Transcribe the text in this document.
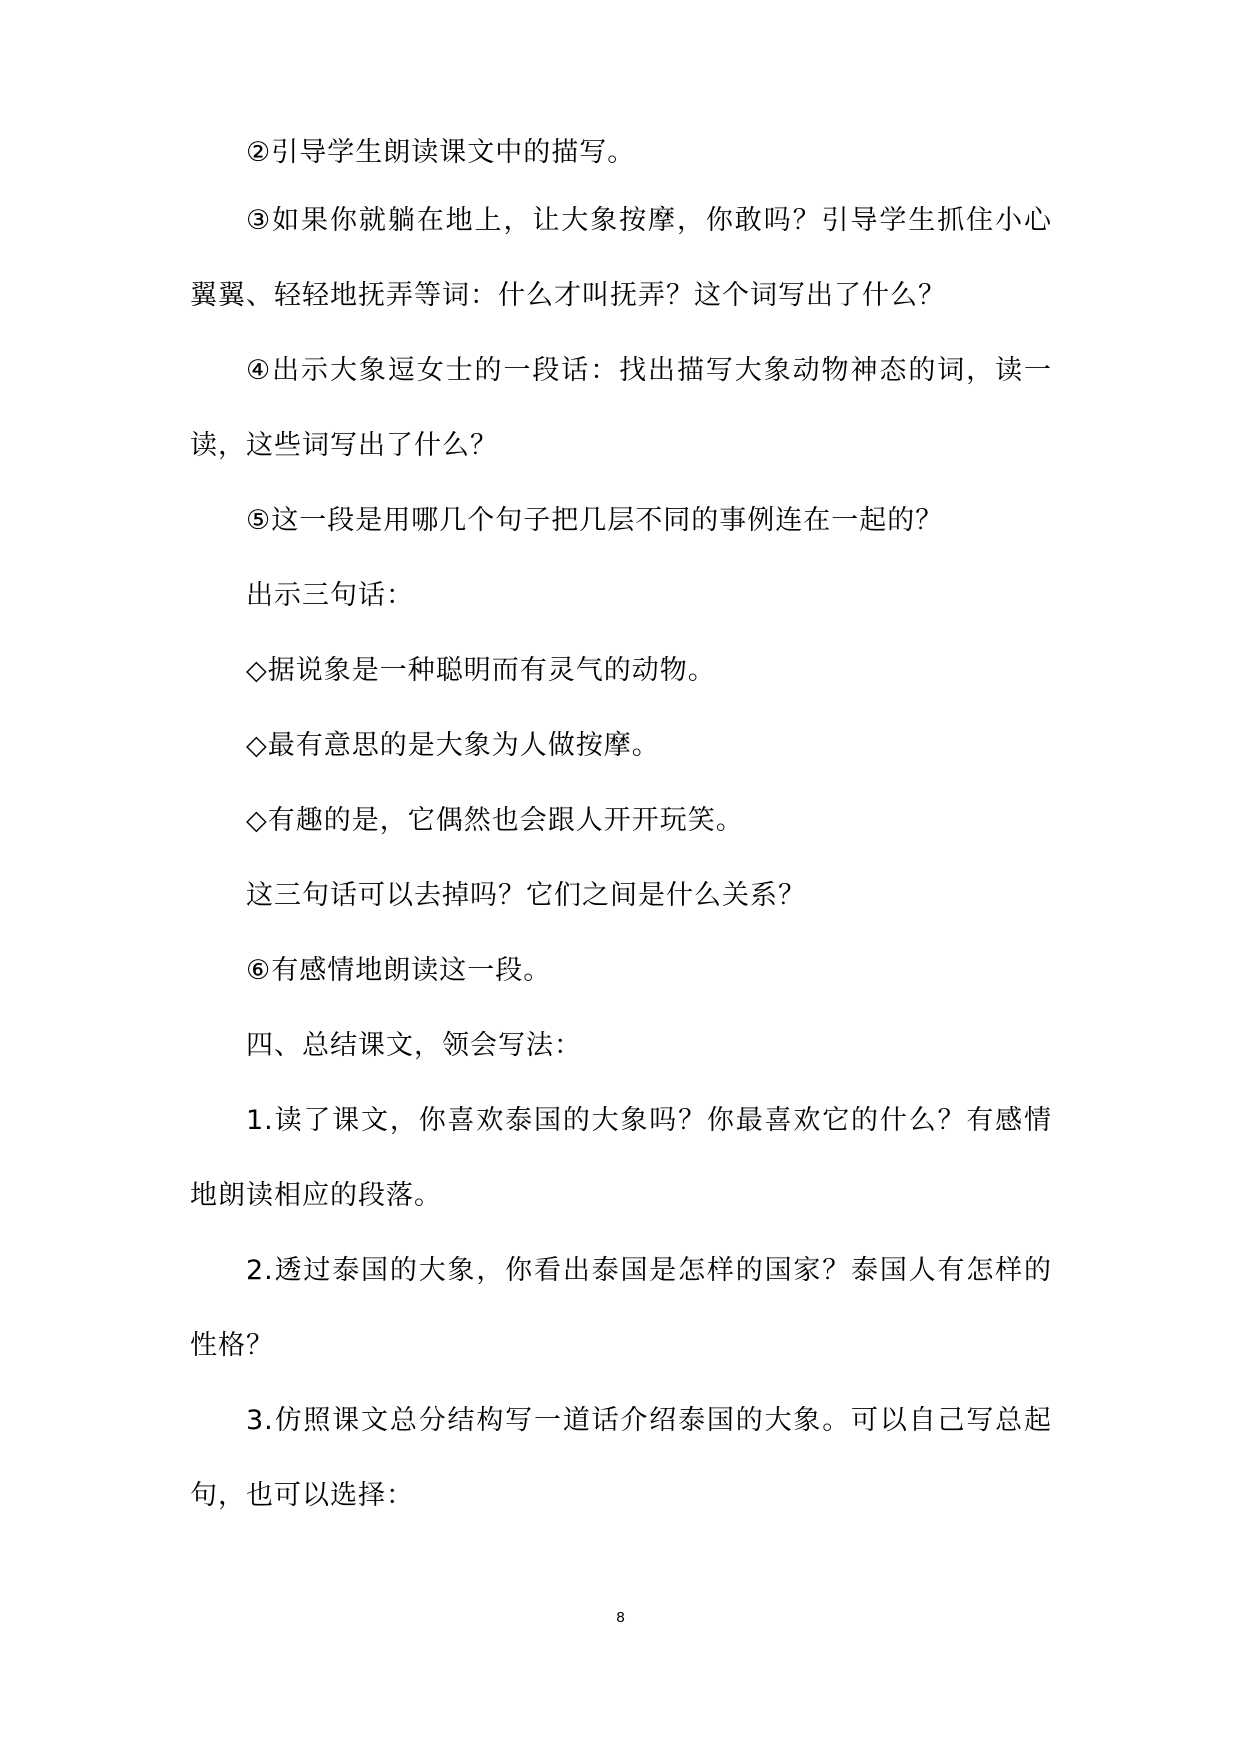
②引导学生朗读课文中的描写。

③如果你就躺在地上，让大象按摩，你敢吗？引导学生抓住小心翼翼、轻轻地抚弄等词：什么才叫抚弄？这个词写出了什么？

④出示大象逗女士的一段话：找出描写大象动物神态的词，读一读，这些词写出了什么？

⑤这一段是用哪几个句子把几层不同的事例连在一起的？

出示三句话：

◇据说象是一种聪明而有灵气的动物。

◇最有意思的是大象为人做按摩。

◇有趣的是，它偶然也会跟人开开玩笑。

这三句话可以去掉吗？它们之间是什么关系？

⑥有感情地朗读这一段。

四、总结课文，领会写法：

1.读了课文，你喜欢泰国的大象吗？你最喜欢它的什么？有感情地朗读相应的段落。

2.透过泰国的大象，你看出泰国是怎样的国家？泰国人有怎样的性格？

3.仿照课文总分结构写一道话介绍泰国的大象。可以自己写总起句，也可以选择：

8
